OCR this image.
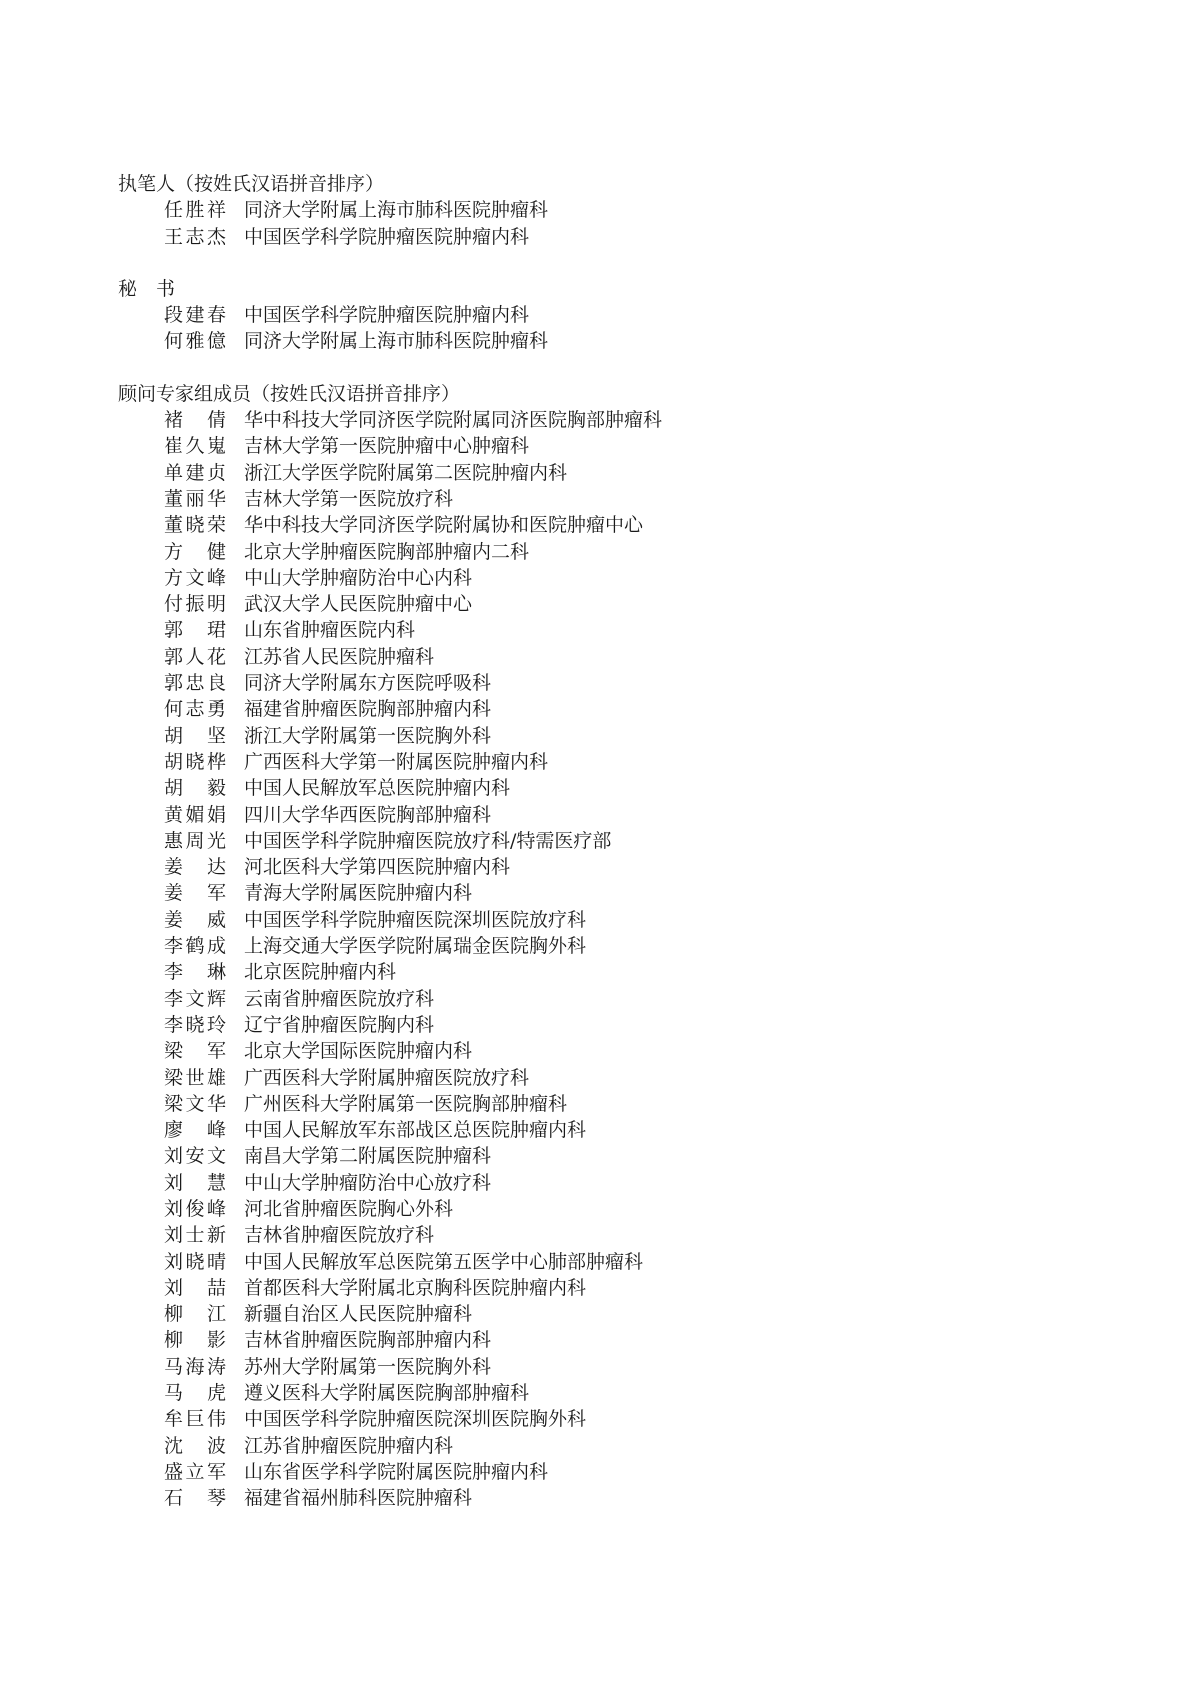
执笔人（按姓氏汉语拼音排序）
任胜祥 同济大学附属上海市肺科医院肿瘤科
王志杰 中国医学科学院肿瘤医院肿瘤内科
秘　书
段建春 中国医学科学院肿瘤医院肿瘤内科
何雅億 同济大学附属上海市肺科医院肿瘤科
顾问专家组成员（按姓氏汉语拼音排序）
褚 倩 华中科技大学同济医学院附属同济医院胸部肿瘤科
崔久嵬 吉林大学第一医院肿瘤中心肿瘤科
单建贞 浙江大学医学院附属第二医院肿瘤内科
董丽华 吉林大学第一医院放疗科
董晓荣 华中科技大学同济医学院附属协和医院肿瘤中心
方 健 北京大学肿瘤医院胸部肿瘤内二科
方文峰 中山大学肿瘤防治中心内科
付振明 武汉大学人民医院肿瘤中心
郭 珺 山东省肿瘤医院内科
郭人花 江苏省人民医院肿瘤科
郭忠良 同济大学附属东方医院呼吸科
何志勇 福建省肿瘤医院胸部肿瘤内科
胡 坚 浙江大学附属第一医院胸外科
胡晓桦 广西医科大学第一附属医院肿瘤内科
胡 毅 中国人民解放军总医院肿瘤内科
黄媚娟 四川大学华西医院胸部肿瘤科
惠周光 中国医学科学院肿瘤医院放疗科/特需医疗部
姜 达 河北医科大学第四医院肿瘤内科
姜 军 青海大学附属医院肿瘤内科
姜 威 中国医学科学院肿瘤医院深圳医院放疗科
李鹤成 上海交通大学医学院附属瑞金医院胸外科
李 琳 北京医院肿瘤内科
李文辉 云南省肿瘤医院放疗科
李晓玲 辽宁省肿瘤医院胸内科
梁 军 北京大学国际医院肿瘤内科
梁世雄 广西医科大学附属肿瘤医院放疗科
梁文华 广州医科大学附属第一医院胸部肿瘤科
廖 峰 中国人民解放军东部战区总医院肿瘤内科
刘安文 南昌大学第二附属医院肿瘤科
刘 慧 中山大学肿瘤防治中心放疗科
刘俊峰 河北省肿瘤医院胸心外科
刘士新 吉林省肿瘤医院放疗科
刘晓晴 中国人民解放军总医院第五医学中心肺部肿瘤科
刘 喆 首都医科大学附属北京胸科医院肿瘤内科
柳 江 新疆自治区人民医院肿瘤科
柳 影 吉林省肿瘤医院胸部肿瘤内科
马海涛 苏州大学附属第一医院胸外科
马 虎 遵义医科大学附属医院胸部肿瘤科
牟巨伟 中国医学科学院肿瘤医院深圳医院胸外科
沈 波 江苏省肿瘤医院肿瘤内科
盛立军 山东省医学科学院附属医院肿瘤内科
石 琴 福建省福州肺科医院肿瘤科
